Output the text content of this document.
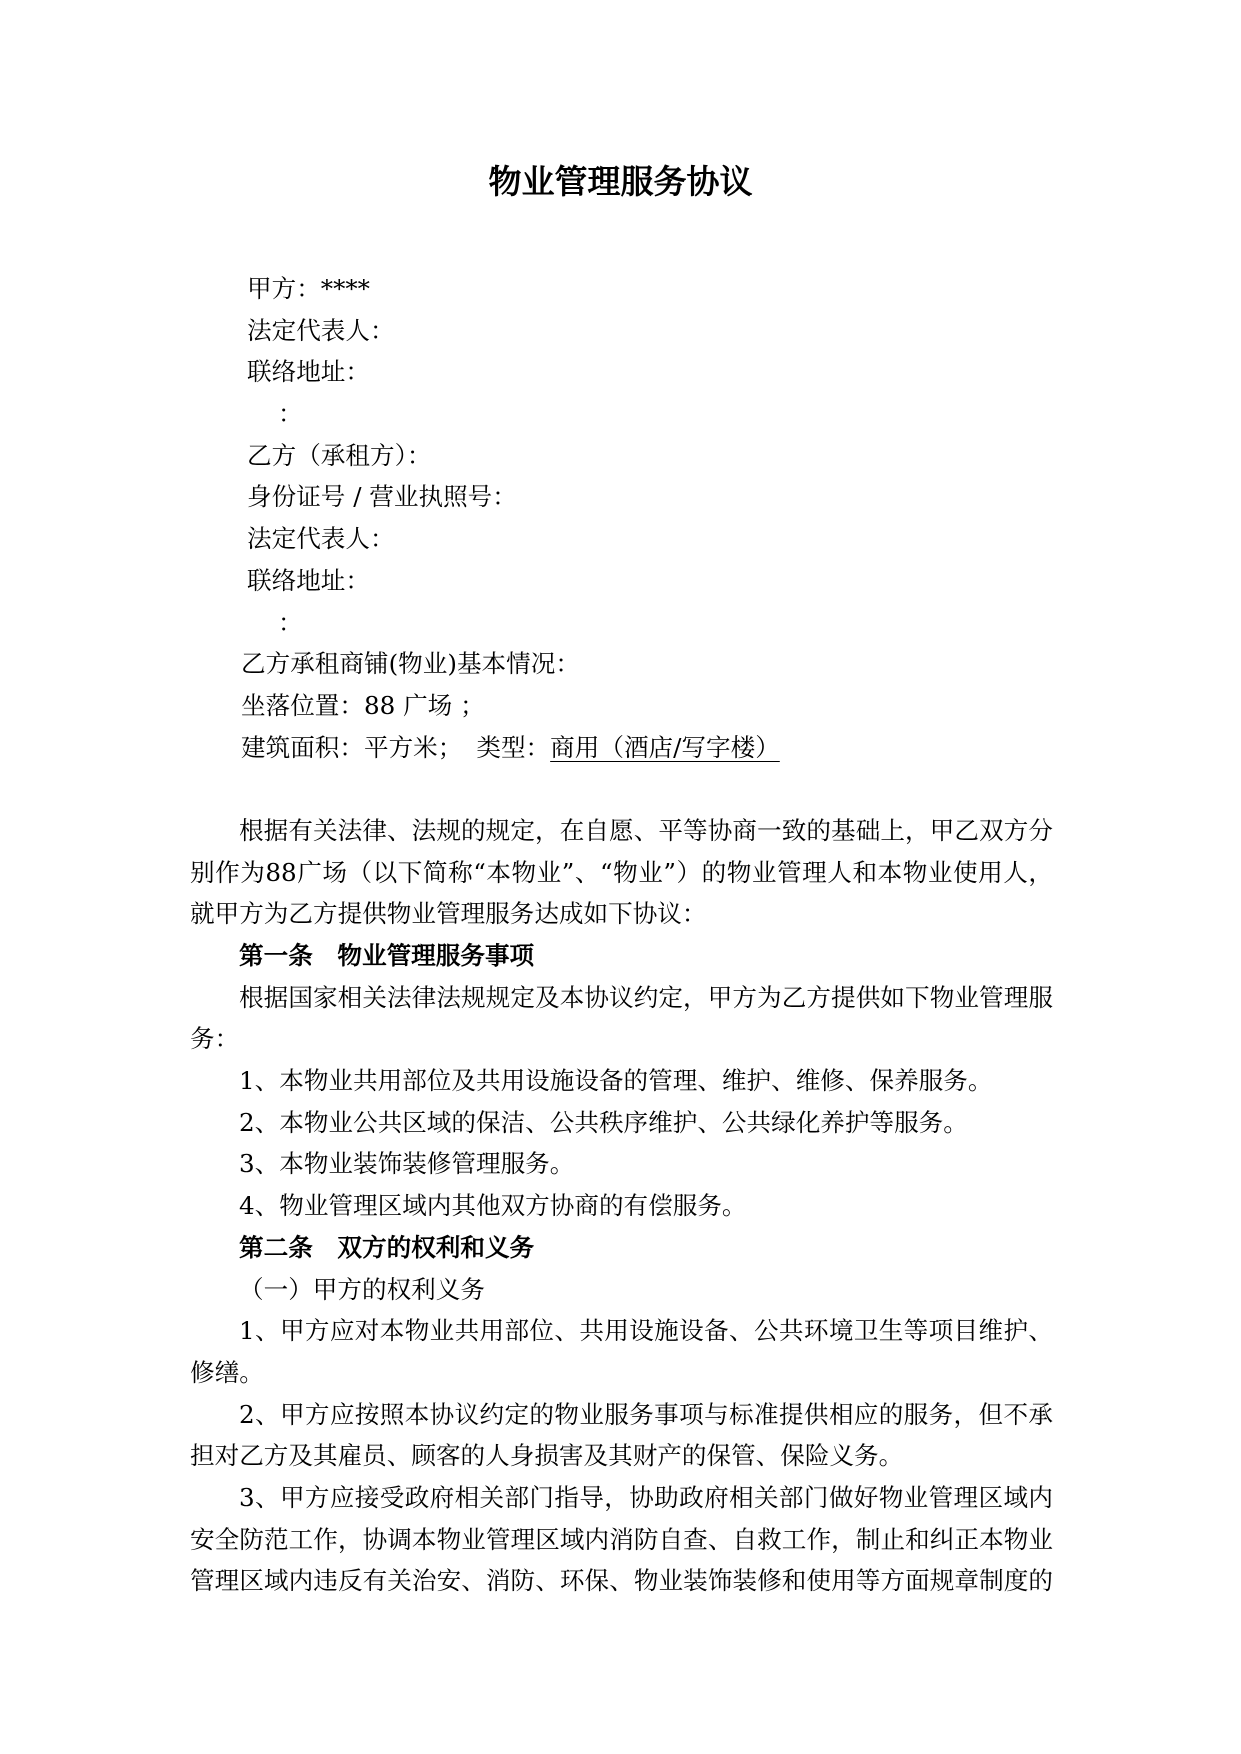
物业管理服务协议
甲方：****
法定代表人：
联络地址：
：
乙方（承租方）：
身份证号 / 营业执照号：
法定代表人：
联络地址：
：
乙方承租商铺(物业)基本情况：
坐落位置：88 广场 ；
建筑面积：平方米； 类型：商用（酒店/写字楼）
根据有关法律、法规的规定，在自愿、平等协商一致的基础上，甲乙双方分
别作为88广场（以下简称“本物业”、“物业”）的物业管理人和本物业使用人，
就甲方为乙方提供物业管理服务达成如下协议：
第一条 物业管理服务事项
根据国家相关法律法规规定及本协议约定，甲方为乙方提供如下物业管理服
务：
1、本物业共用部位及共用设施设备的管理、维护、维修、保养服务。
2、本物业公共区域的保洁、公共秩序维护、公共绿化养护等服务。
3、本物业装饰装修管理服务。
4、物业管理区域内其他双方协商的有偿服务。
第二条 双方的权利和义务
（一）甲方的权利义务
1、甲方应对本物业共用部位、共用设施设备、公共环境卫生等项目维护、
修缮。
2、甲方应按照本协议约定的物业服务事项与标准提供相应的服务，但不承
担对乙方及其雇员、顾客的人身损害及其财产的保管、保险义务。
3、甲方应接受政府相关部门指导，协助政府相关部门做好物业管理区域内
安全防范工作，协调本物业管理区域内消防自查、自救工作，制止和纠正本物业
管理区域内违反有关治安、消防、环保、物业装饰装修和使用等方面规章制度的
